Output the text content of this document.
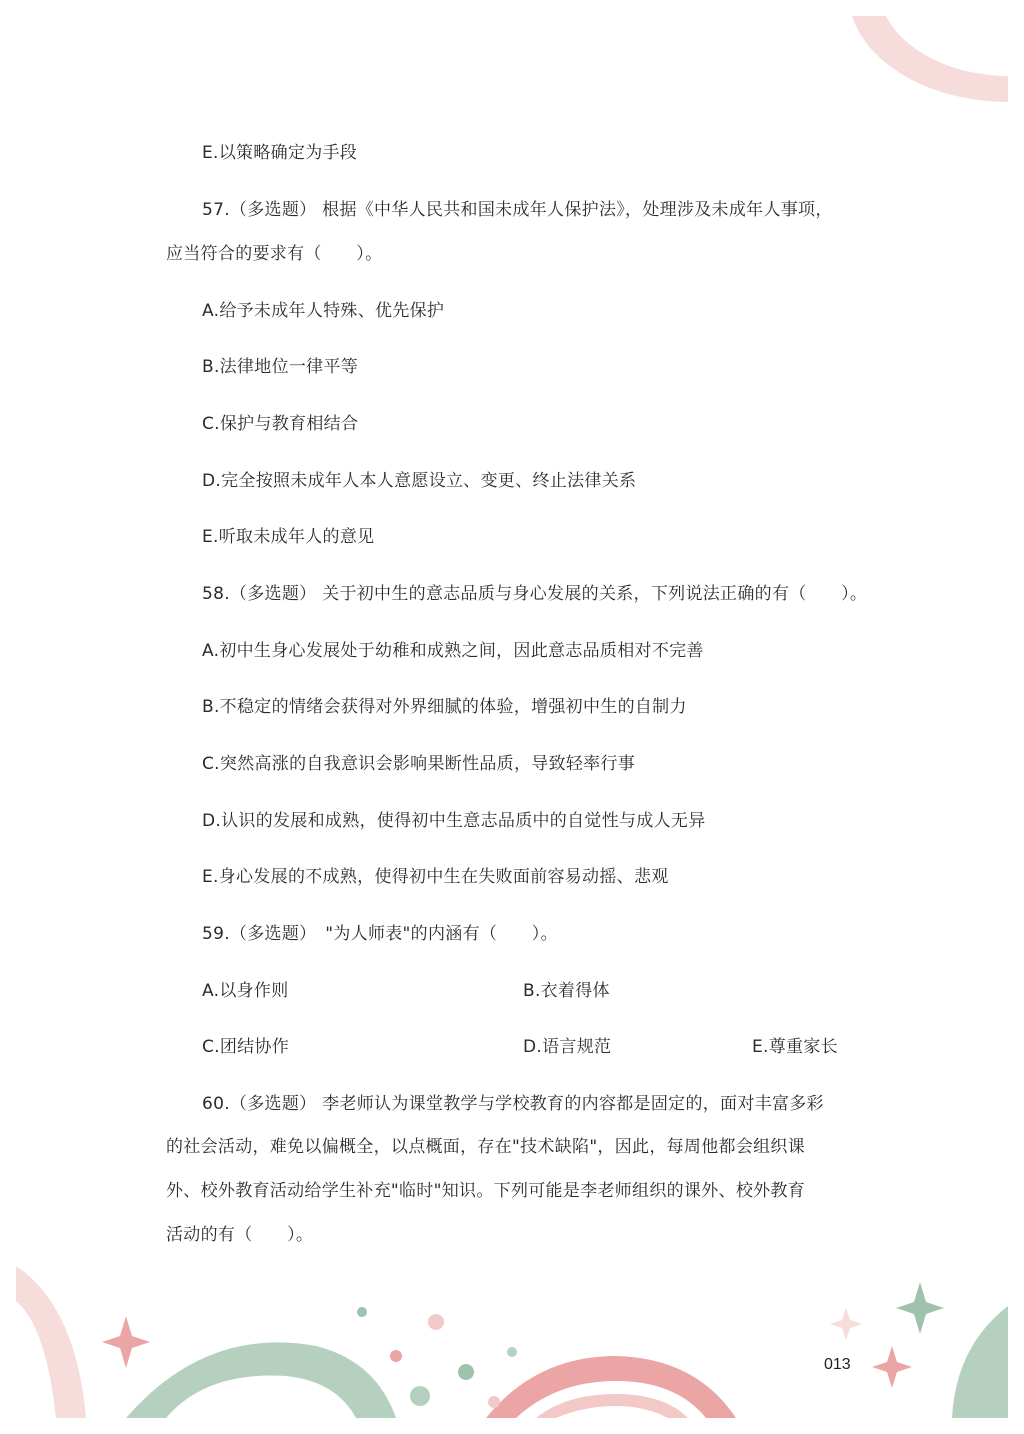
E.以策略确定为手段
57.（多选题） 根据《中华人民共和国未成年人保护法》，处理涉及未成年人事项，
应当符合的要求有（　　）。
A.给予未成年人特殊、优先保护
B.法律地位一律平等
C.保护与教育相结合
D.完全按照未成年人本人意愿设立、变更、终止法律关系
E.听取未成年人的意见
58.（多选题） 关于初中生的意志品质与身心发展的关系，下列说法正确的有（　　）。
A.初中生身心发展处于幼稚和成熟之间，因此意志品质相对不完善
B.不稳定的情绪会获得对外界细腻的体验，增强初中生的自制力
C.突然高涨的自我意识会影响果断性品质，导致轻率行事
D.认识的发展和成熟，使得初中生意志品质中的自觉性与成人无异
E.身心发展的不成熟，使得初中生在失败面前容易动摇、悲观
59.（多选题）　"为人师表"的内涵有（　　）。
A.以身作则	B.衣着得体
C.团结协作	D.语言规范	E.尊重家长
60.（多选题） 李老师认为课堂教学与学校教育的内容都是固定的，面对丰富多彩
的社会活动，难免以偏概全，以点概面，存在"技术缺陷"，因此，每周他都会组织课
外、校外教育活动给学生补充"临时"知识。下列可能是李老师组织的课外、校外教育
活动的有（　　）。
013
